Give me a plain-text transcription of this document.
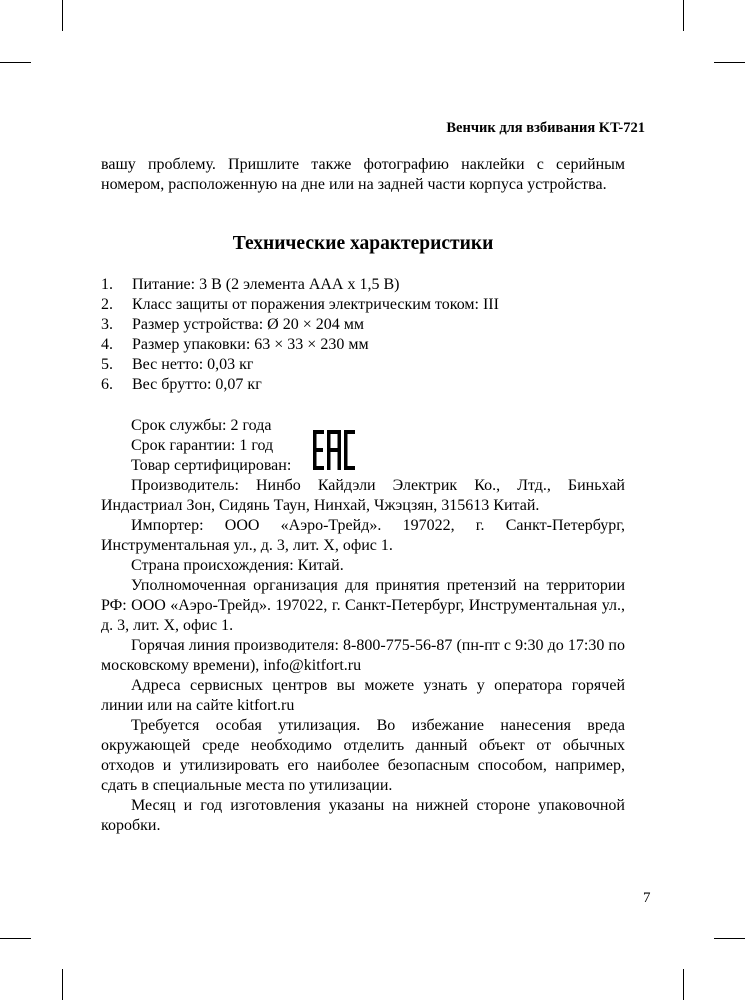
Венчик для взбивания KT-721

вашу проблему. Пришлите также фотографию наклейки с серийным номером, расположенную на дне или на задней части корпуса устройства.

Технические характеристики
1. Питание: 3 В (2 элемента ААА х 1,5 В)
2. Класс защиты от поражения электрическим током: III
3. Размер устройства: Ø 20 × 204 мм
4. Размер упаковки: 63 × 33 × 230 мм
5. Вес нетто: 0,03 кг
6. Вес брутто: 0,07 кг
Срок службы: 2 года
Срок гарантии: 1 год
Товар сертифицирован:

Производитель: Нинбо Кайдэли Электрик Ко., Лтд., Биньхай Индастриал Зон, Сидянь Таун, Нинхай, Чжэцзян, 315613 Китай.

Импортер: ООО «Аэро-Трейд». 197022, г. Санкт-Петербург, Инструментальная ул., д. 3, лит. Х, офис 1.

Страна происхождения: Китай.

Уполномоченная организация для принятия претензий на территории РФ: ООО «Аэро-Трейд». 197022, г. Санкт-Петербург, Инструментальная ул., д. 3, лит. Х, офис 1.

Горячая линия производителя: 8-800-775-56-87 (пн-пт с 9:30 до 17:30 по московскому времени), info@kitfort.ru

Адреса сервисных центров вы можете узнать у оператора горячей линии или на сайте kitfort.ru

Требуется особая утилизация. Во избежание нанесения вреда окружающей среде необходимо отделить данный объект от обычных отходов и утилизировать его наиболее безопасным способом, например, сдать в специальные места по утилизации.

Месяц и год изготовления указаны на нижней стороне упаковочной коробки.

7
